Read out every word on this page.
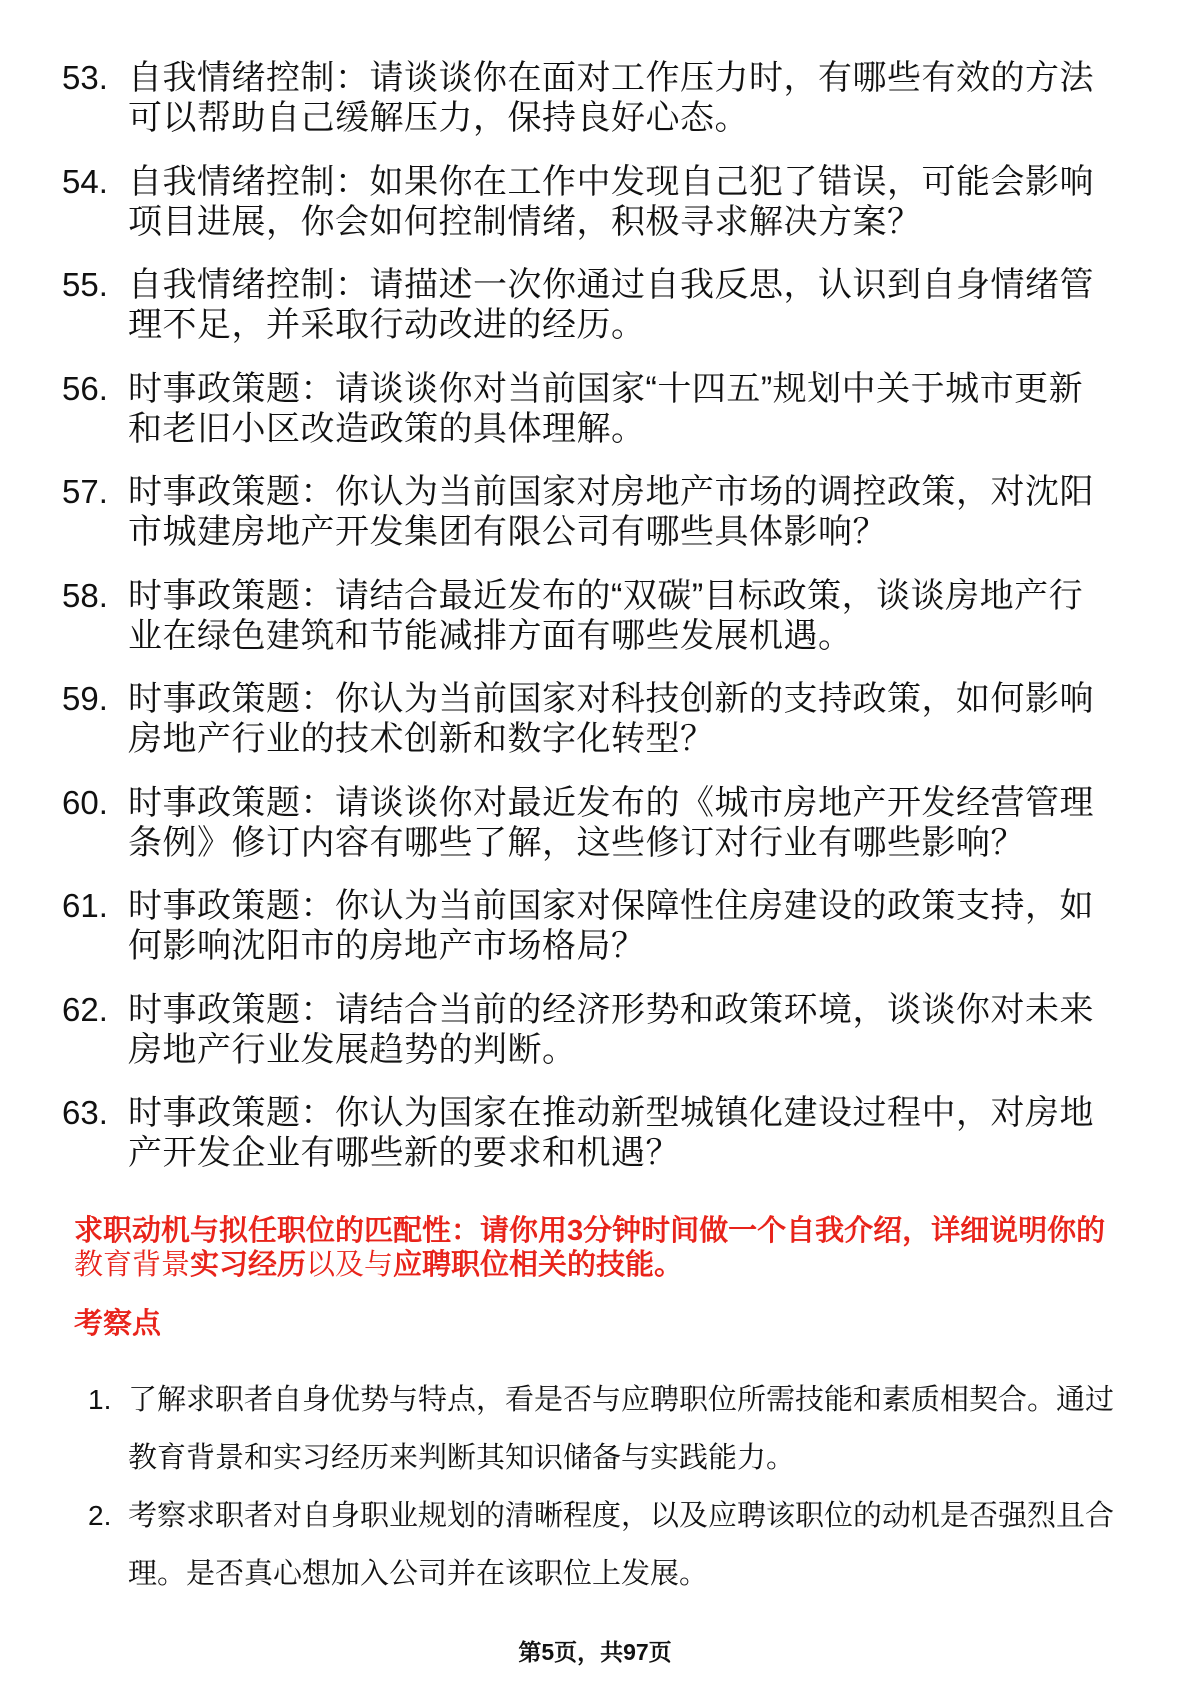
53. 自我情绪控制：请谈谈你在面对工作压力时，有哪些有效的方法
可以帮助自己缓解压力，保持良好心态。
54. 自我情绪控制：如果你在工作中发现自己犯了错误，可能会影响
项目进展，你会如何控制情绪，积极寻求解决方案？
55. 自我情绪控制：请描述一次你通过自我反思，认识到自身情绪管
理不足，并采取行动改进的经历。
56. 时事政策题：请谈谈你对当前国家“十四五”规划中关于城市更新
和老旧小区改造政策的具体理解。
57. 时事政策题：你认为当前国家对房地产市场的调控政策，对沈阳
市城建房地产开发集团有限公司有哪些具体影响？
58. 时事政策题：请结合最近发布的“双碳”目标政策，谈谈房地产行
业在绿色建筑和节能减排方面有哪些发展机遇。
59. 时事政策题：你认为当前国家对科技创新的支持政策，如何影响
房地产行业的技术创新和数字化转型？
60. 时事政策题：请谈谈你对最近发布的《城市房地产开发经营管理
条例》修订内容有哪些了解，这些修订对行业有哪些影响？
61. 时事政策题：你认为当前国家对保障性住房建设的政策支持，如
何影响沈阳市的房地产市场格局？
62. 时事政策题：请结合当前的经济形势和政策环境，谈谈你对未来
房地产行业发展趋势的判断。
63. 时事政策题：你认为国家在推动新型城镇化建设过程中，对房地
产开发企业有哪些新的要求和机遇？
求职动机与拟任职位的匹配性：请你用3分钟时间做一个自我介绍，详细说明你的
教育背景实习经历以及与应聘职位相关的技能。
考察点
1. 了解求职者自身优势与特点，看是否与应聘职位所需技能和素质相契合。通过
教育背景和实习经历来判断其知识储备与实践能力。
2. 考察求职者对自身职业规划的清晰程度，以及应聘该职位的动机是否强烈且合
理。是否真心想加入公司并在该职位上发展。
第5页，共97页
